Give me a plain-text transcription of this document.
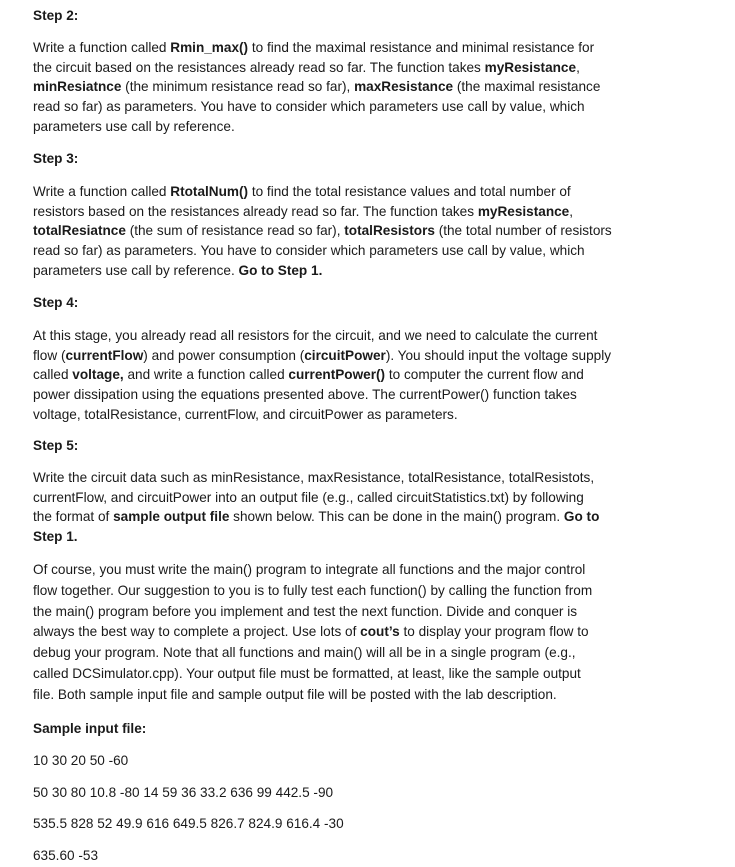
Step 2:
Write a function called Rmin_max() to find the maximal resistance and minimal resistance for
the circuit based on the resistances already read so far. The function takes myResistance,
minResiatnce (the minimum resistance read so far), maxResistance (the maximal resistance
read so far) as parameters. You have to consider which parameters use call by value, which
parameters use call by reference.
Step 3:
Write a function called RtotalNum() to find the total resistance values and total number of
resistors based on the resistances already read so far. The function takes myResistance,
totalResiatnce (the sum of resistance read so far), totalResistors (the total number of resistors
read so far) as parameters. You have to consider which parameters use call by value, which
parameters use call by reference. Go to Step 1.
Step 4:
At this stage, you already read all resistors for the circuit, and we need to calculate the current
flow (currentFlow) and power consumption (circuitPower). You should input the voltage supply
called voltage, and write a function called currentPower() to computer the current flow and
power dissipation using the equations presented above. The currentPower() function takes
voltage, totalResistance, currentFlow, and circuitPower as parameters.
Step 5:
Write the circuit data such as minResistance, maxResistance, totalResistance, totalResistots,
currentFlow, and circuitPower into an output file (e.g., called circuitStatistics.txt) by following
the format of sample output file shown below. This can be done in the main() program. Go to
Step 1.
Of course, you must write the main() program to integrate all functions and the major control
flow together. Our suggestion to you is to fully test each function() by calling the function from
the main() program before you implement and test the next function. Divide and conquer is
always the best way to complete a project. Use lots of cout’s to display your program flow to
debug your program. Note that all functions and main() will all be in a single program (e.g.,
called DCSimulator.cpp). Your output file must be formatted, at least, like the sample output
file. Both sample input file and sample output file will be posted with the lab description.
Sample input file:
10 30 20 50 -60
50 30 80 10.8 -80 14 59 36 33.2 636 99 442.5 -90
535.5 828 52 49.9 616 649.5 826.7 824.9 616.4 -30
635.60 -53
